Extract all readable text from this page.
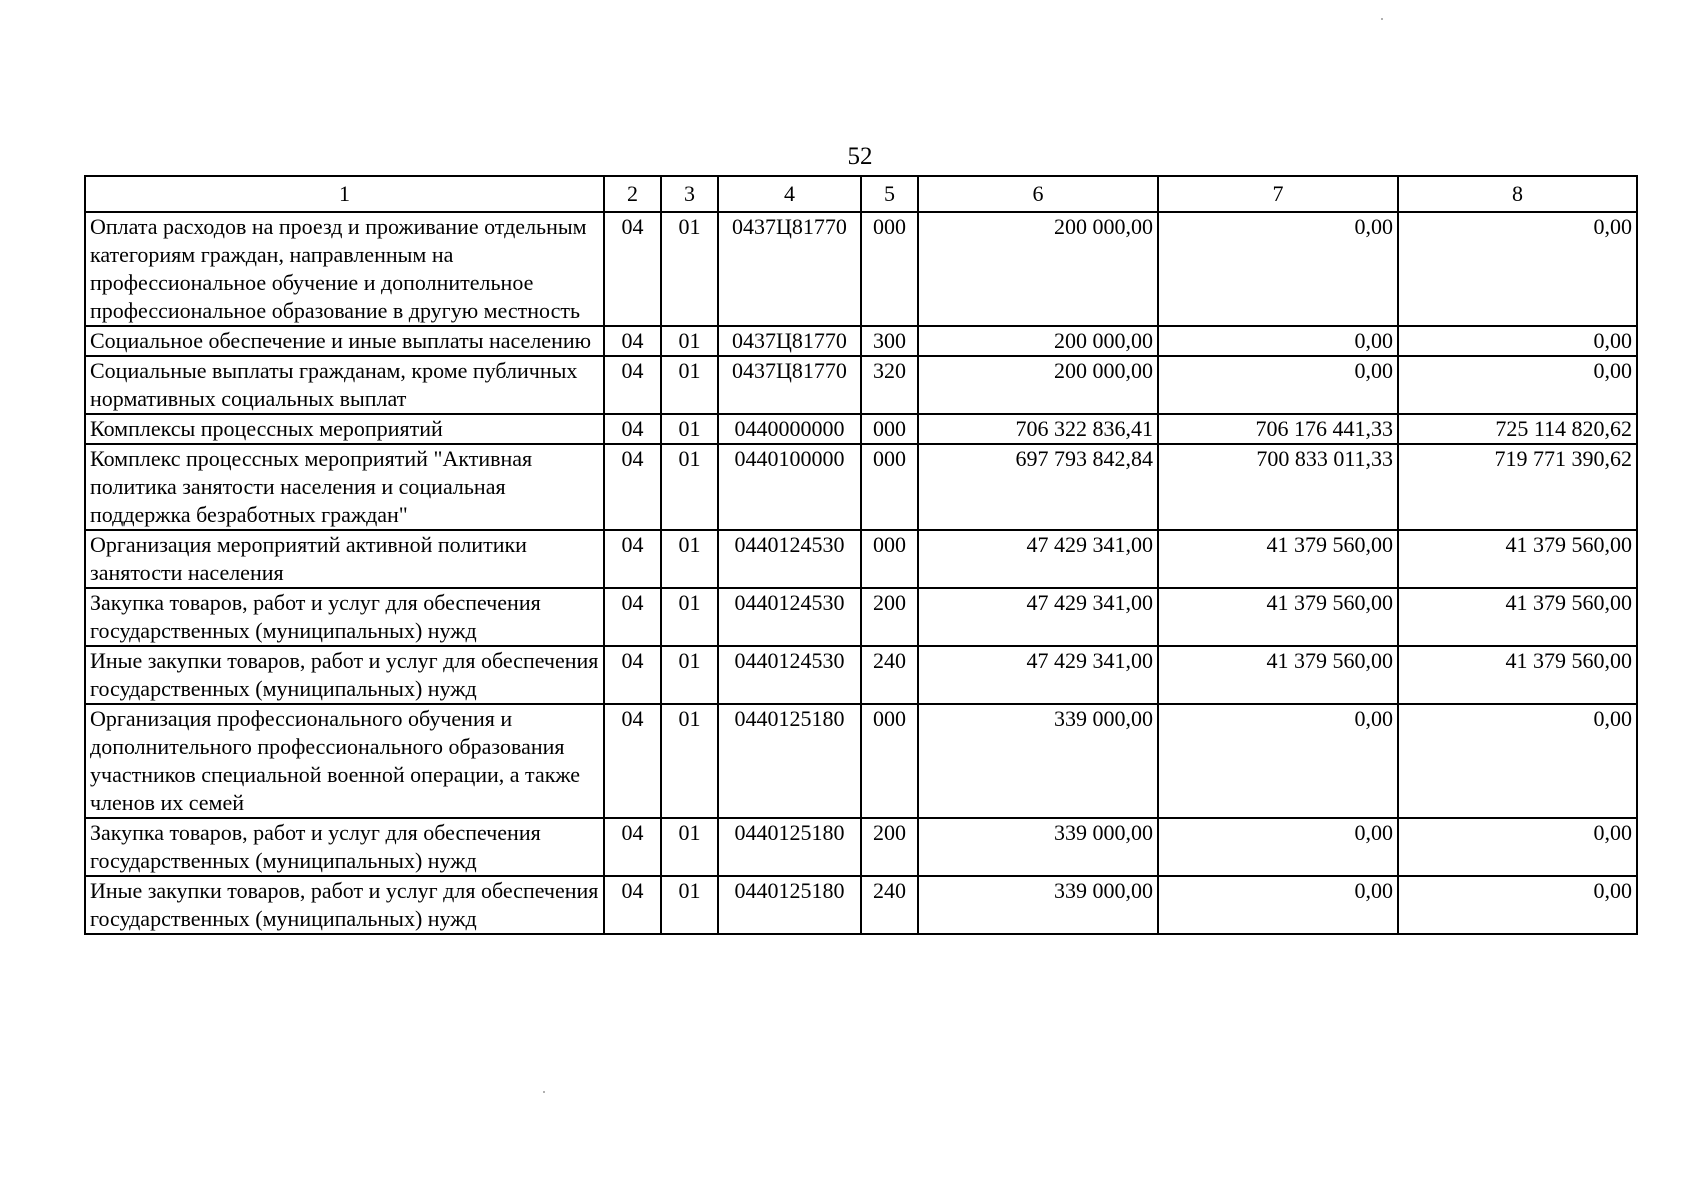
52
1	2	3	4	5	6	7	8
Оплата расходов на проезд и проживание отдельным категориям граждан, направленным на профессиональное обучение и дополнительное профессиональное образование в другую местность	04	01	0437Ц81770	000	200 000,00	0,00	0,00
Социальное обеспечение и иные выплаты населению	04	01	0437Ц81770	300	200 000,00	0,00	0,00
Социальные выплаты гражданам, кроме публичных нормативных социальных выплат	04	01	0437Ц81770	320	200 000,00	0,00	0,00
Комплексы процессных мероприятий	04	01	0440000000	000	706 322 836,41	706 176 441,33	725 114 820,62
Комплекс процессных мероприятий "Активная политика занятости населения и социальная поддержка безработных граждан"	04	01	0440100000	000	697 793 842,84	700 833 011,33	719 771 390,62
Организация мероприятий активной политики занятости населения	04	01	0440124530	000	47 429 341,00	41 379 560,00	41 379 560,00
Закупка товаров, работ и услуг для обеспечения государственных (муниципальных) нужд	04	01	0440124530	200	47 429 341,00	41 379 560,00	41 379 560,00
Иные закупки товаров, работ и услуг для обеспечения государственных (муниципальных) нужд	04	01	0440124530	240	47 429 341,00	41 379 560,00	41 379 560,00
Организация профессионального обучения и дополнительного профессионального образования участников специальной военной операции, а также членов их семей	04	01	0440125180	000	339 000,00	0,00	0,00
Закупка товаров, работ и услуг для обеспечения государственных (муниципальных) нужд	04	01	0440125180	200	339 000,00	0,00	0,00
Иные закупки товаров, работ и услуг для обеспечения государственных (муниципальных) нужд	04	01	0440125180	240	339 000,00	0,00	0,00
